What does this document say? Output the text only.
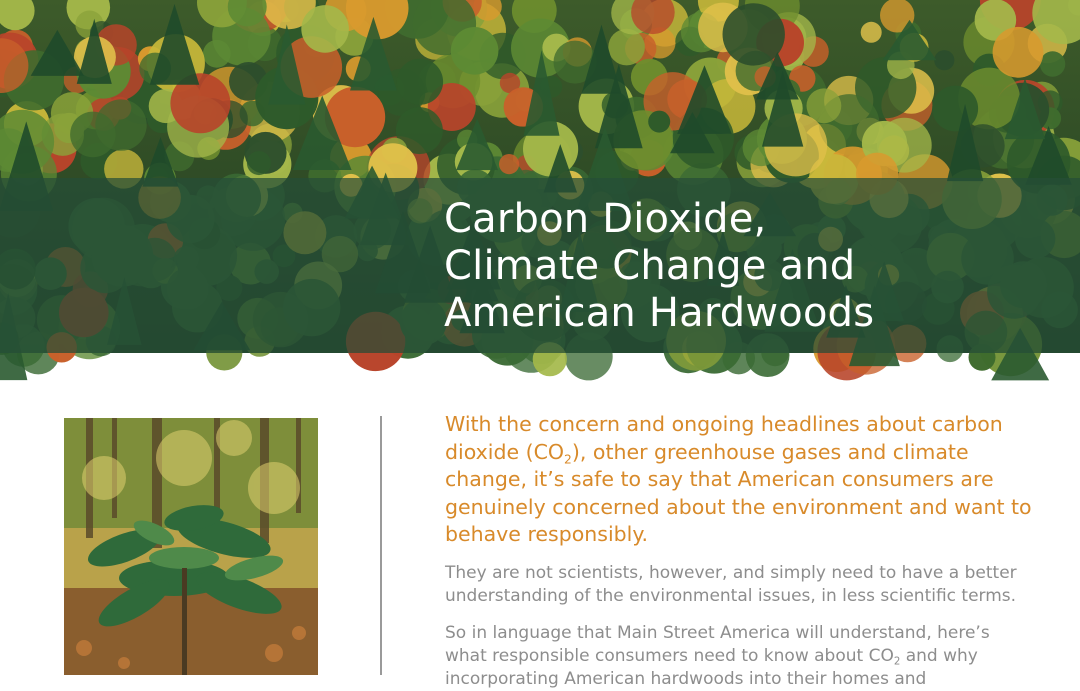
Carbon Dioxide,
Climate Change and
American Hardwoods

With the concern and ongoing headlines about carbon dioxide $(CO_2)$, other greenhouse gases and climate change, it’s safe to say that American consumers are genuinely concerned about the environment and want to behave responsibly.

They are not scientists, however, and simply need to have a better understanding of the environmental issues, in less scientific terms.

So in language that Main Street America will understand, here’s what responsible consumers need to know about $CO_2$ and why incorporating American hardwoods into their homes and
